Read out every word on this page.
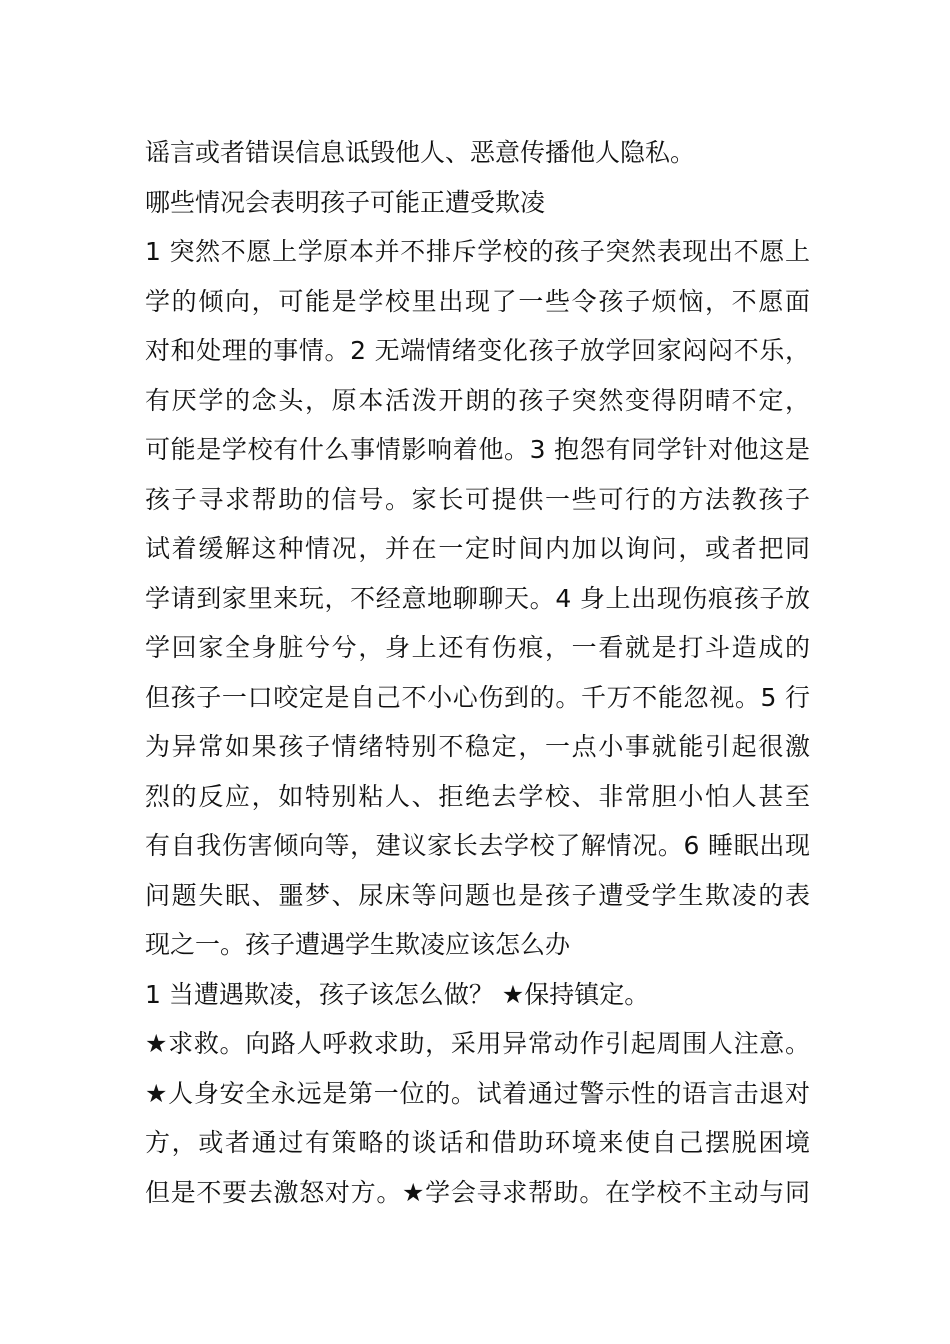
谣言或者错误信息诋毁他人、恶意传播他人隐私。
哪些情况会表明孩子可能正遭受欺凌
1 突然不愿上学原本并不排斥学校的孩子突然表现出不愿上
学的倾向，可能是学校里出现了一些令孩子烦恼，不愿面
对和处理的事情。2 无端情绪变化孩子放学回家闷闷不乐，
有厌学的念头，原本活泼开朗的孩子突然变得阴晴不定，
可能是学校有什么事情影响着他。3 抱怨有同学针对他这是
孩子寻求帮助的信号。家长可提供一些可行的方法教孩子
试着缓解这种情况，并在一定时间内加以询问，或者把同
学请到家里来玩，不经意地聊聊天。4 身上出现伤痕孩子放
学回家全身脏兮兮，身上还有伤痕，一看就是打斗造成的
但孩子一口咬定是自己不小心伤到的。千万不能忽视。5 行
为异常如果孩子情绪特别不稳定，一点小事就能引起很激
烈的反应，如特别粘人、拒绝去学校、非常胆小怕人甚至
有自我伤害倾向等，建议家长去学校了解情况。6 睡眠出现
问题失眠、噩梦、尿床等问题也是孩子遭受学生欺凌的表
现之一。孩子遭遇学生欺凌应该怎么办
1 当遭遇欺凌，孩子该怎么做？ ★保持镇定。
★求救。向路人呼救求助，采用异常动作引起周围人注意。
★人身安全永远是第一位的。试着通过警示性的语言击退对
方，或者通过有策略的谈话和借助环境来使自己摆脱困境
但是不要去激怒对方。★学会寻求帮助。在学校不主动与同
